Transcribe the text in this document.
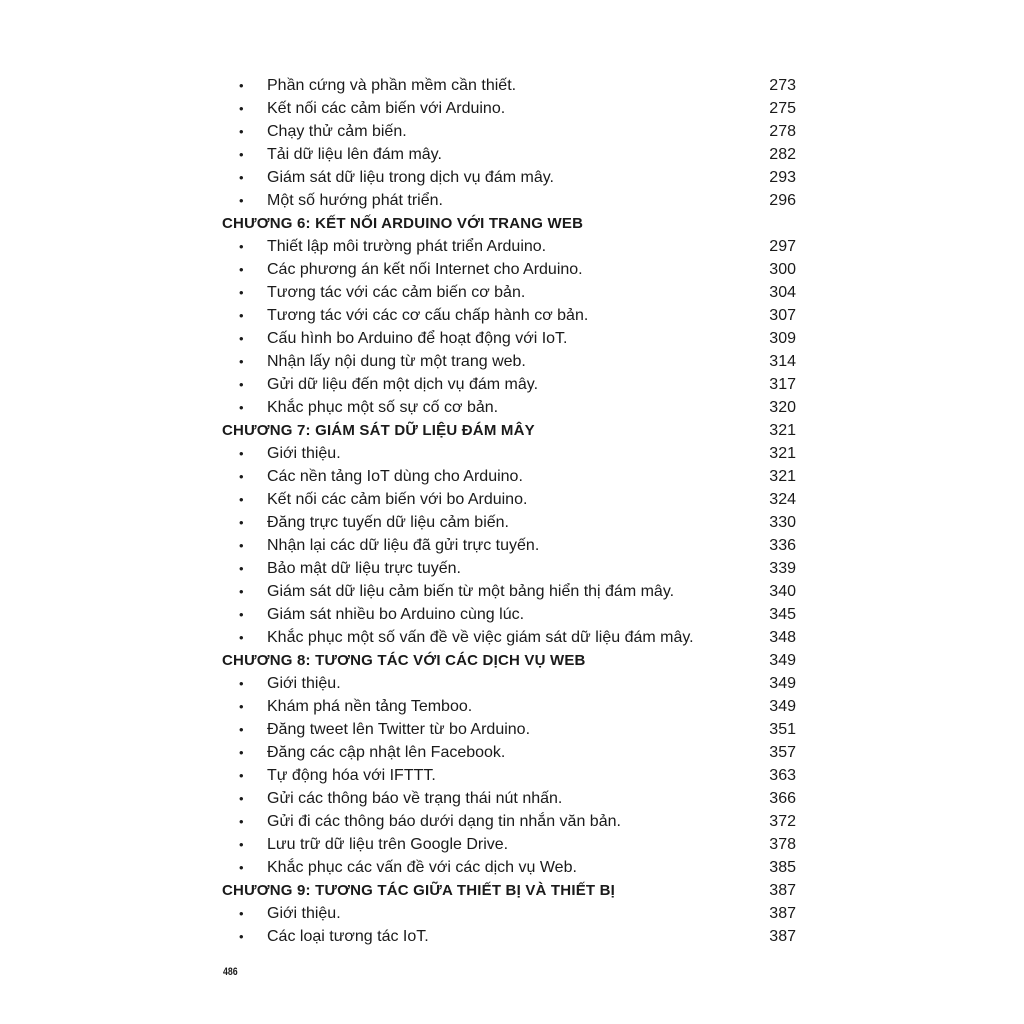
• Phần cứng và phần mềm cần thiết.	273
• Kết nối các cảm biến với Arduino.	275
• Chạy thử cảm biến.	278
• Tải dữ liệu lên đám mây.	282
• Giám sát dữ liệu trong dịch vụ đám mây.	293
• Một số hướng phát triển.	296
CHƯƠNG 6: KẾT NỐI ARDUINO VỚI TRANG WEB
• Thiết lập môi trường phát triển Arduino.	297
• Các phương án kết nối Internet cho Arduino.	300
• Tương tác với các cảm biến cơ bản.	304
• Tương tác với các cơ cấu chấp hành cơ bản.	307
• Cấu hình bo Arduino để hoạt động với IoT.	309
• Nhận lấy nội dung từ một trang web.	314
• Gửi dữ liệu đến một dịch vụ đám mây.	317
• Khắc phục một số sự cố cơ bản.	320
CHƯƠNG 7: GIÁM SÁT DỮ LIỆU ĐÁM MÂY	321
• Giới thiệu.	321
• Các nền tảng IoT dùng cho Arduino.	321
• Kết nối các cảm biến với bo Arduino.	324
• Đăng trực tuyến dữ liệu cảm biến.	330
• Nhận lại các dữ liệu đã gửi trực tuyến.	336
• Bảo mật dữ liệu trực tuyến.	339
• Giám sát dữ liệu cảm biến từ một bảng hiển thị đám mây.	340
• Giám sát nhiều bo Arduino cùng lúc.	345
• Khắc phục một số vấn đề về việc giám sát dữ liệu đám mây.	348
CHƯƠNG 8: TƯƠNG TÁC VỚI CÁC DỊCH VỤ WEB	349
• Giới thiệu.	349
• Khám phá nền tảng Temboo.	349
• Đăng tweet lên Twitter từ bo Arduino.	351
• Đăng các cập nhật lên Facebook.	357
• Tự động hóa với IFTTT.	363
• Gửi các thông báo về trạng thái nút nhấn.	366
• Gửi đi các thông báo dưới dạng tin nhắn văn bản.	372
• Lưu trữ dữ liệu trên Google Drive.	378
• Khắc phục các vấn đề với các dịch vụ Web.	385
CHƯƠNG 9: TƯƠNG TÁC GIỮA THIẾT BỊ VÀ THIẾT BỊ	387
• Giới thiệu.	387
• Các loại tương tác IoT.	387
486
